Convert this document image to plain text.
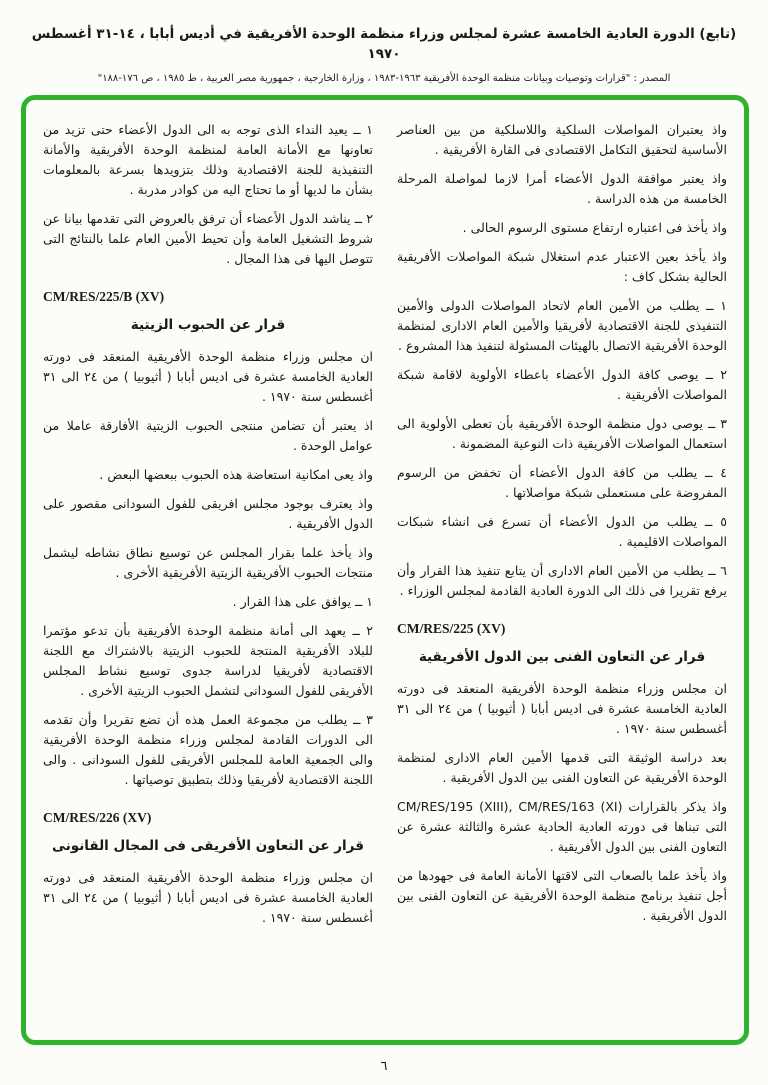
(تابع) الدورة العادية الخامسة عشرة لمجلس وزراء منظمة الوحدة الأفريقية في أديس أبابا ، ١٤-٣١ أغسطس ١٩٧٠
المصدر : "قرارات وتوصيات وبيانات منظمة الوحدة الأفريقية ١٩٦٣-١٩٨٣ ، وزارة الخارجية ، جمهورية مصر العربية ، ط ١٩٨٥ ، ص ١٧٦-١٨٨"

واذ يعتبران المواصلات السلكية واللاسلكية من بين العناصر الأساسية لتحقيق التكامل الاقتصادى فى القارة الأفريقية .

واذ يعتبر موافقة الدول الأعضاء أمرا لازما لمواصلة المرحلة الخامسة من هذه الدراسة .

واذ يأخذ فى اعتباره ارتفاع مستوى الرسوم الحالى .

واذ يأخذ بعين الاعتبار عدم استغلال شبكة المواصلات الأفريقية الحالية بشكل كاف :

١ ــ يطلب من الأمين العام لاتحاد المواصلات الدولى والأمين التنفيذى للجنة الاقتصادية لأفريقيا والأمين العام الادارى لمنظمة الوحدة الأفريقية الاتصال بالهيئات المسئولة لتنفيذ هذا المشروع .

٢ ــ يوصى كافة الدول الأعضاء باعطاء الأولوية لاقامة شبكة المواصلات الأفريقية .

٣ ــ يوصى دول منظمة الوحدة الأفريقية بأن تعطى الأولوية الى استعمال المواصلات الأفريقية ذات النوعية المضمونة .

٤ ــ يطلب من كافة الدول الأعضاء أن تخفض من الرسوم المفروضة على مستعملى شبكة مواصلاتها .

٥ ــ يطلب من الدول الأعضاء أن تسرع فى انشاء شبكات المواصلات الاقليمية .

٦ ــ يطلب من الأمين العام الادارى أن يتابع تنفيذ هذا القرار وأن يرفع تقريرا فى ذلك الى الدورة العادية القادمة لمجلس الوزراء .

CM/RES/225 (XV)

قرار عن التعاون الفنى بين الدول الأفريقية

ان مجلس وزراء منظمة الوحدة الأفريقية المنعقد فى دورته العادية الخامسة عشرة فى اديس أبابا ( أثيوبيا ) من ٢٤ الى ٣١ أغسطس سنة ١٩٧٠ .

بعد دراسة الوثيقة التى قدمها الأمين العام الادارى لمنظمة الوحدة الأفريقية عن التعاون الفنى بين الدول الأفريقية .

واذ يذكر بالقرارات CM/RES/195 (XIII), CM/RES/163 (XI) التى تبناها فى دورته العادية الحادية عشرة والثالثة عشرة عن التعاون الفنى بين الدول الأفريقية .

واذ يأخذ علما بالصعاب التى لاقتها الأمانة العامة فى جهودها من أجل تنفيذ برنامج منظمة الوحدة الأفريقية عن التعاون الفنى بين الدول الأفريقية .

١ ــ يعيد النداء الذى توجه به الى الدول الأعضاء حتى تزيد من تعاونها مع الأمانة العامة لمنظمة الوحدة الأفريقية والأمانة التنفيذية للجنة الاقتصادية وذلك بتزويدها بسرعة بالمعلومات بشأن ما لديها أو ما تحتاج اليه من كوادر مدربة .

٢ ــ يناشد الدول الأعضاء أن ترفق بالعروض التى تقدمها بيانا عن شروط التشغيل العامة وأن تحيط الأمين العام علما بالنتائج التى تتوصل اليها فى هذا المجال .

CM/RES/225/B (XV)

قرار عن الحبوب الزيتية

ان مجلس وزراء منظمة الوحدة الأفريقية المنعقد فى دورته العادية الخامسة عشرة فى اديس أبابا ( أثيوبيا ) من ٢٤ الى ٣١ أغسطس سنة ١٩٧٠ .

اذ يعتبر أن تضامن منتجى الحبوب الزيتية الأفارقة عاملا من عوامل الوحدة .

واذ يعى امكانية استعاضة هذه الحبوب ببعضها البعض .

واذ يعترف بوجود مجلس افريقى للفول السودانى مقصور على الدول الأفريقية .

واذ يأخذ علما بقرار المجلس عن توسيع نطاق نشاطه ليشمل منتجات الحبوب الأفريقية الزيتية الأفريقية الأخرى .

١ ــ يوافق على هذا القرار .

٢ ــ يعهد الى أمانة منظمة الوحدة الأفريقية بأن تدعو مؤتمرا للبلاد الأفريقية المنتجة للحبوب الزيتية بالاشتراك مع اللجنة الاقتصادية لأفريقيا لدراسة جدوى توسيع نشاط المجلس الأفريقى للفول السودانى لتشمل الحبوب الزيتية الأخرى .

٣ ــ يطلب من مجموعة العمل هذه أن تضع تقريرا وأن تقدمه الى الدورات القادمة لمجلس وزراء منظمة الوحدة الأفريقية والى الجمعية العامة للمجلس الأفريقى للفول السودانى . والى اللجنة الاقتصادية لأفريقيا وذلك بتطبيق توصياتها .

CM/RES/226 (XV)

قرار عن التعاون الأفريقى فى المجال القانونى

ان مجلس وزراء منظمة الوحدة الأفريقية المنعقد فى دورته العادية الخامسة عشرة فى اديس أبابا ( أثيوبيا ) من ٢٤ الى ٣١ أغسطس سنة ١٩٧٠ .

٦
